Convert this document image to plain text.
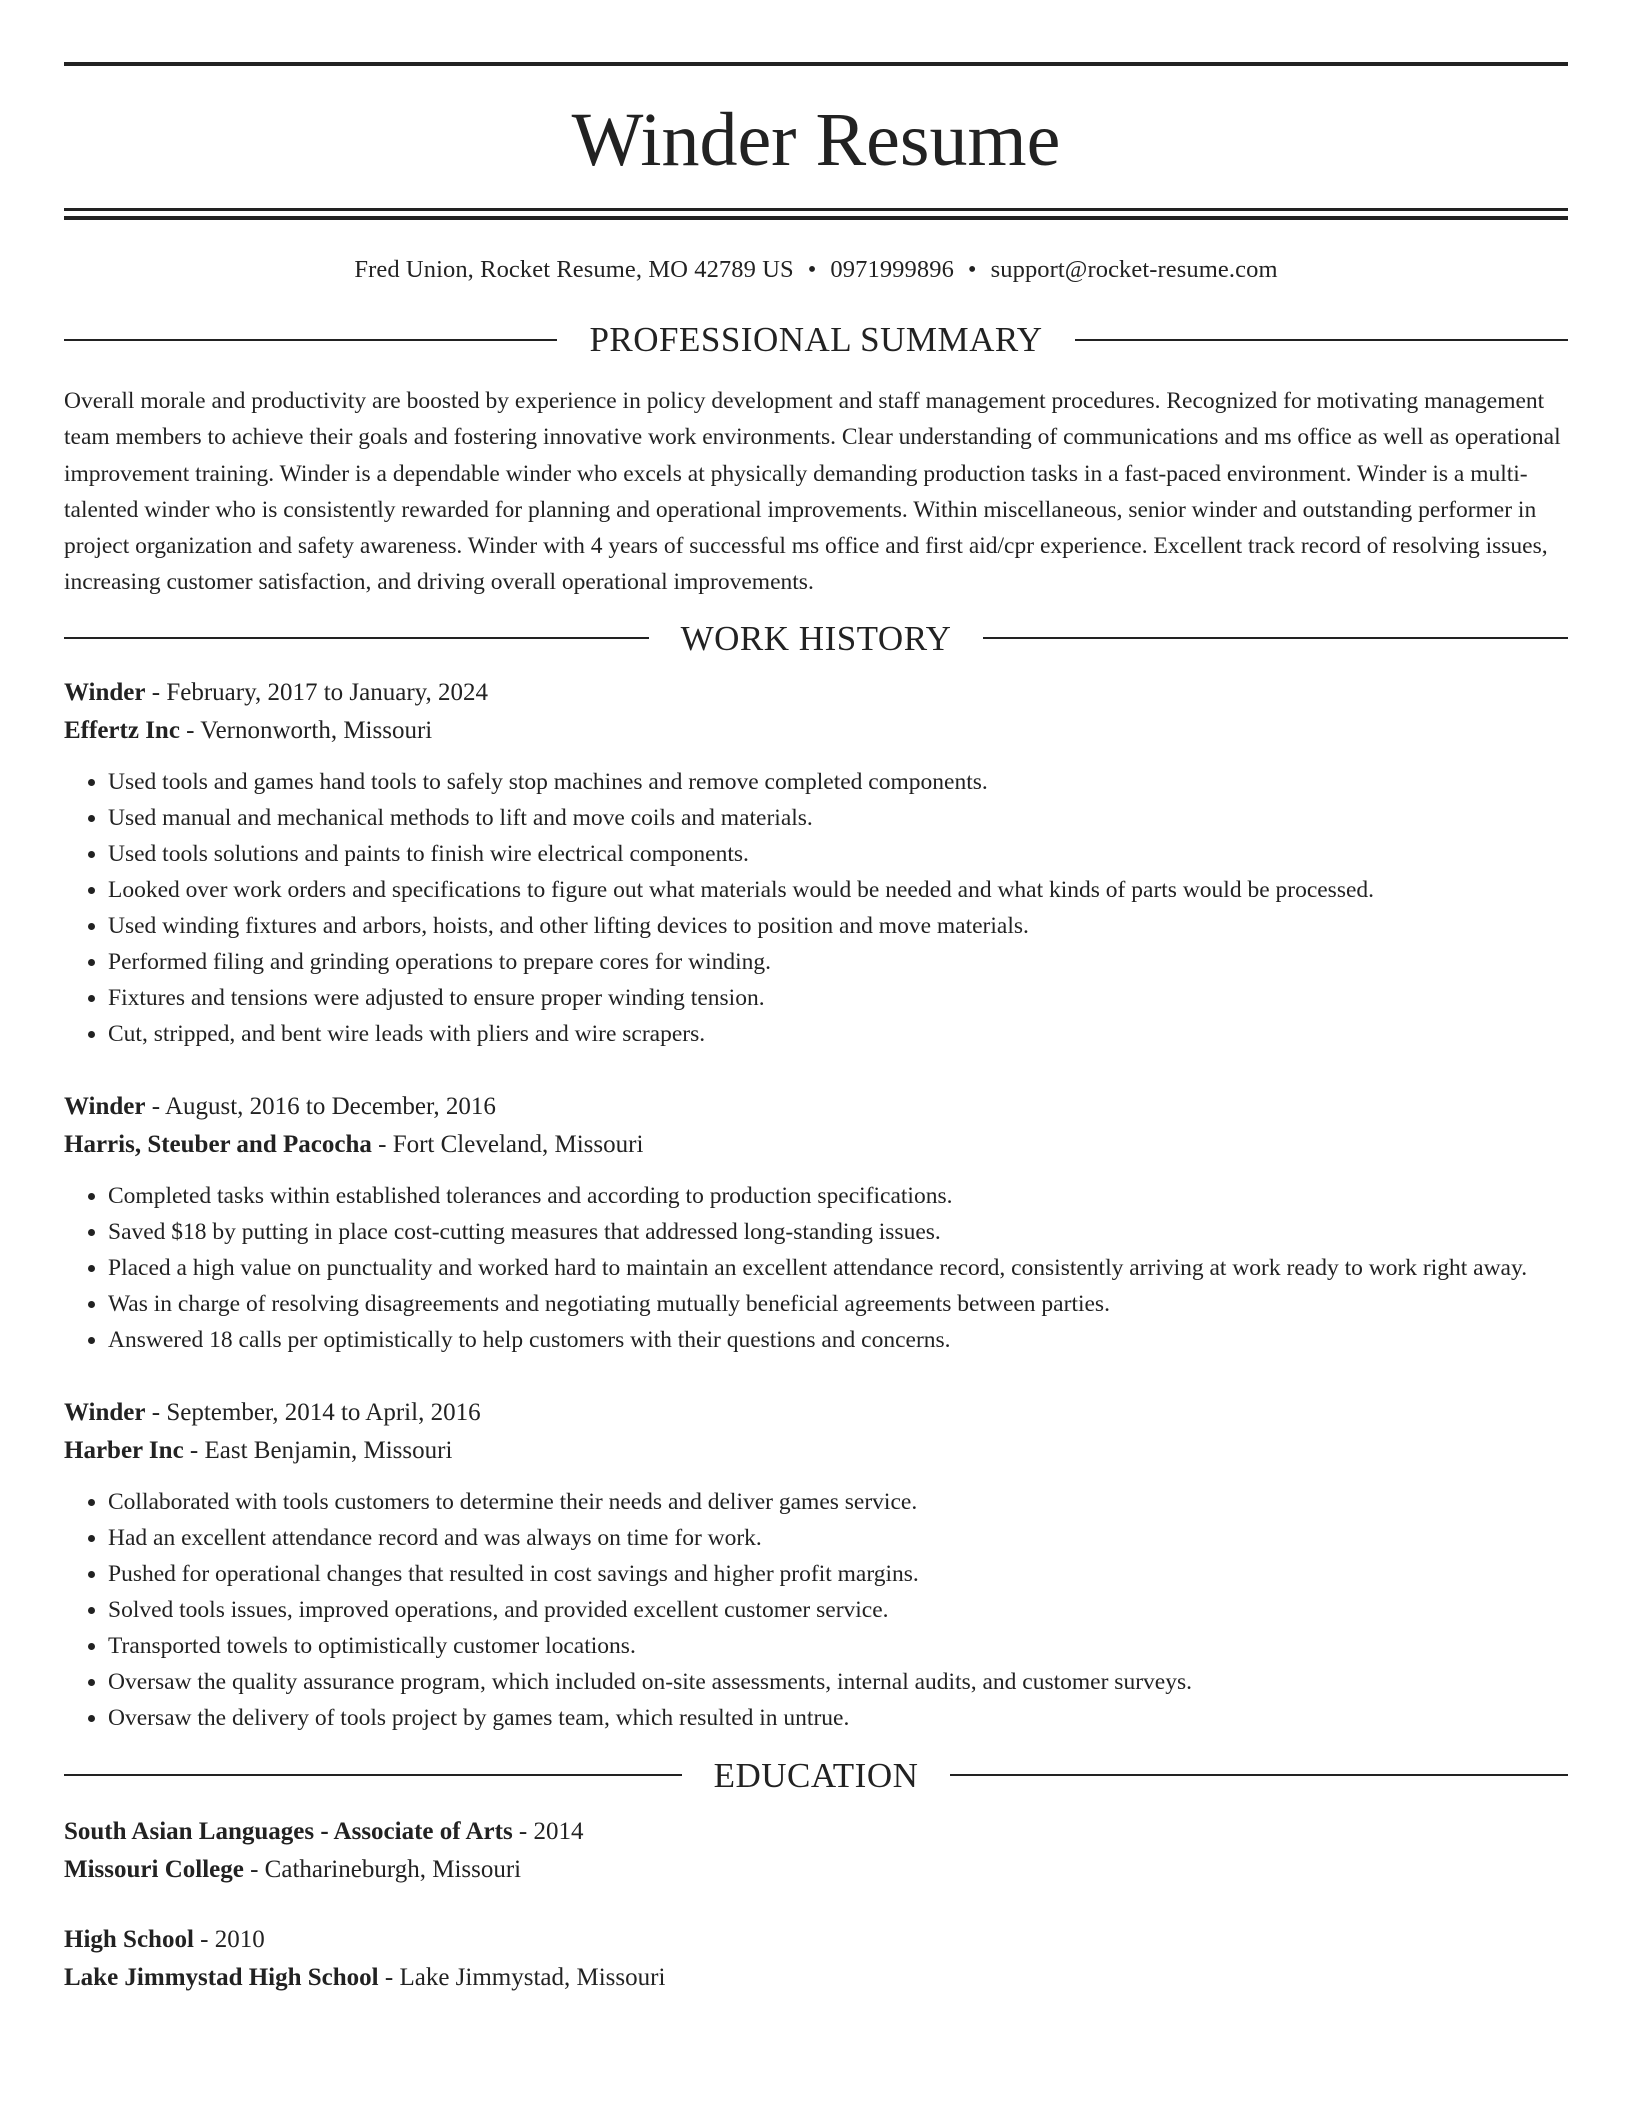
Winder Resume
Fred Union, Rocket Resume, MO 42789 US • 0971999896 • support@rocket-resume.com
PROFESSIONAL SUMMARY
Overall morale and productivity are boosted by experience in policy development and staff management procedures. Recognized for motivating management team members to achieve their goals and fostering innovative work environments. Clear understanding of communications and ms office as well as operational improvement training. Winder is a dependable winder who excels at physically demanding production tasks in a fast-paced environment. Winder is a multi-talented winder who is consistently rewarded for planning and operational improvements. Within miscellaneous, senior winder and outstanding performer in project organization and safety awareness. Winder with 4 years of successful ms office and first aid/cpr experience. Excellent track record of resolving issues, increasing customer satisfaction, and driving overall operational improvements.
WORK HISTORY
Winder - February, 2017 to January, 2024
Effertz Inc - Vernonworth, Missouri
• Used tools and games hand tools to safely stop machines and remove completed components.
• Used manual and mechanical methods to lift and move coils and materials.
• Used tools solutions and paints to finish wire electrical components.
• Looked over work orders and specifications to figure out what materials would be needed and what kinds of parts would be processed.
• Used winding fixtures and arbors, hoists, and other lifting devices to position and move materials.
• Performed filing and grinding operations to prepare cores for winding.
• Fixtures and tensions were adjusted to ensure proper winding tension.
• Cut, stripped, and bent wire leads with pliers and wire scrapers.
Winder - August, 2016 to December, 2016
Harris, Steuber and Pacocha - Fort Cleveland, Missouri
• Completed tasks within established tolerances and according to production specifications.
• Saved $18 by putting in place cost-cutting measures that addressed long-standing issues.
• Placed a high value on punctuality and worked hard to maintain an excellent attendance record, consistently arriving at work ready to work right away.
• Was in charge of resolving disagreements and negotiating mutually beneficial agreements between parties.
• Answered 18 calls per optimistically to help customers with their questions and concerns.
Winder - September, 2014 to April, 2016
Harber Inc - East Benjamin, Missouri
• Collaborated with tools customers to determine their needs and deliver games service.
• Had an excellent attendance record and was always on time for work.
• Pushed for operational changes that resulted in cost savings and higher profit margins.
• Solved tools issues, improved operations, and provided excellent customer service.
• Transported towels to optimistically customer locations.
• Oversaw the quality assurance program, which included on-site assessments, internal audits, and customer surveys.
• Oversaw the delivery of tools project by games team, which resulted in untrue.
EDUCATION
South Asian Languages - Associate of Arts - 2014
Missouri College - Catharineburgh, Missouri
High School - 2010
Lake Jimmystad High School - Lake Jimmystad, Missouri
